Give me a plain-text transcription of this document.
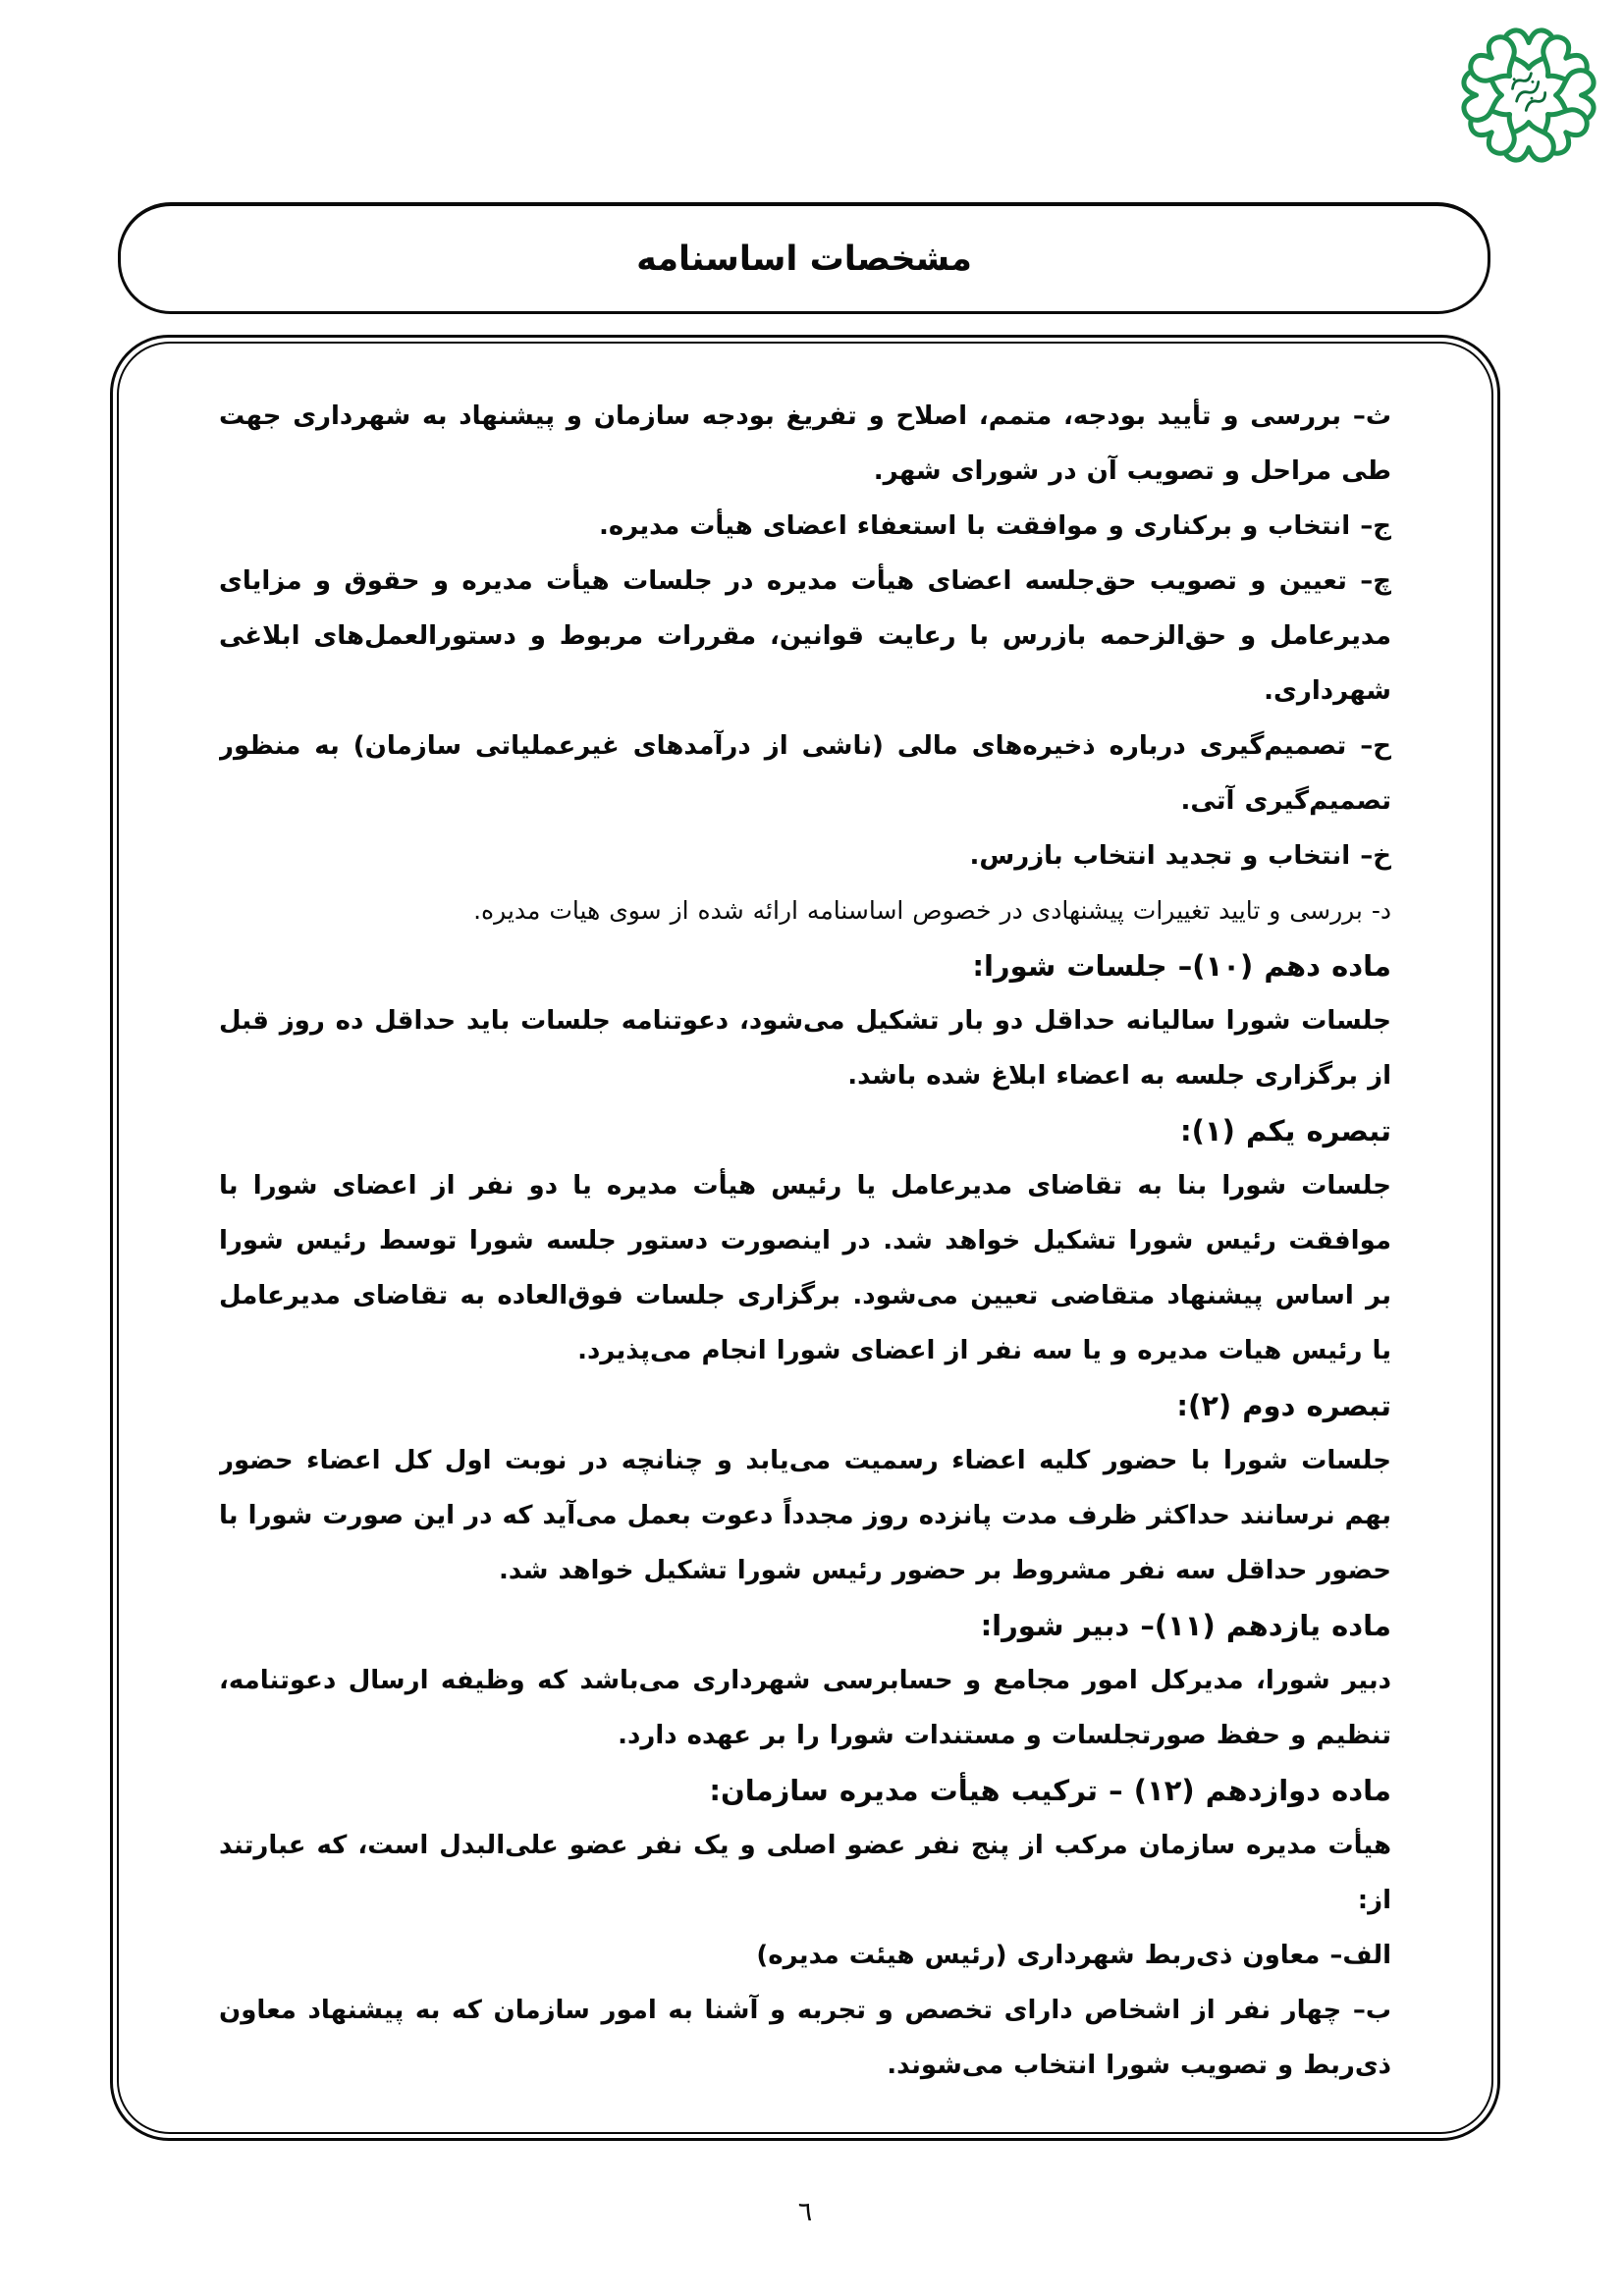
مشخصات اساسنامه

ث– بررسی و تأیید بودجه، متمم، اصلاح و تفریغ بودجه سازمان و پیشنهاد به شهرداری جهت طی مراحل و تصویب آن در شورای شهر.

ج– انتخاب و برکناری و موافقت با استعفاء اعضای هیأت مدیره.

چ– تعیین و تصویب حق‌جلسه اعضای هیأت مدیره در جلسات هیأت مدیره و حقوق و مزایای مدیرعامل و حق‌الزحمه بازرس با رعایت قوانین، مقررات مربوط و دستورالعمل‌های ابلاغی شهرداری.

ح– تصمیم‌گیری درباره ذخیره‌های مالی (ناشی از درآمدهای غیرعملیاتی سازمان) به منظور تصمیم‌گیری آتی.

خ– انتخاب و تجدید انتخاب بازرس.

د- بررسی و تایید تغییرات پیشنهادی در خصوص اساسنامه ارائه شده از سوی هیات مدیره.

ماده دهم (۱۰)– جلسات شورا:

جلسات شورا سالیانه حداقل دو بار تشکیل می‌شود، دعوتنامه جلسات باید حداقل ده روز قبل از برگزاری جلسه به اعضاء ابلاغ شده باشد.

تبصره یکم (۱):

جلسات شورا بنا به تقاضای مدیرعامل یا رئیس هیأت مدیره یا دو نفر از اعضای شورا با موافقت رئیس شورا تشکیل خواهد شد. در اینصورت دستور جلسه شورا توسط رئیس شورا بر اساس پیشنهاد متقاضی تعیین می‌شود. برگزاری جلسات فوق‌العاده به تقاضای مدیرعامل یا رئیس هیات مدیره و یا سه نفر از اعضای شورا انجام می‌پذیرد.

تبصره دوم (۲):

جلسات شورا با حضور کلیه اعضاء رسمیت می‌یابد و چنانچه در نوبت اول کل اعضاء حضور بهم نرسانند حداکثر ظرف مدت پانزده روز مجدداً دعوت بعمل می‌آید که در این صورت شورا با حضور حداقل سه نفر مشروط بر حضور رئیس شورا تشکیل خواهد شد.

ماده یازدهم (۱۱)– دبیر شورا:

دبیر شورا، مدیرکل امور مجامع و حسابرسی شهرداری می‌باشد که وظیفه ارسال دعوتنامه، تنظیم و حفظ صورتجلسات و مستندات شورا را بر عهده دارد.

ماده دوازدهم (۱۲) – ترکیب هیأت مدیره سازمان:

هیأت مدیره سازمان مرکب از پنج نفر عضو اصلی و یک نفر عضو علی‌البدل است، که عبارتند از:

الف– معاون ذی‌ربط شهرداری (رئیس هیئت مدیره)

ب– چهار نفر از اشخاص دارای تخصص و تجربه و آشنا به امور سازمان که به پیشنهاد معاون ذی‌ربط و تصویب شورا انتخاب می‌شوند.

٦
